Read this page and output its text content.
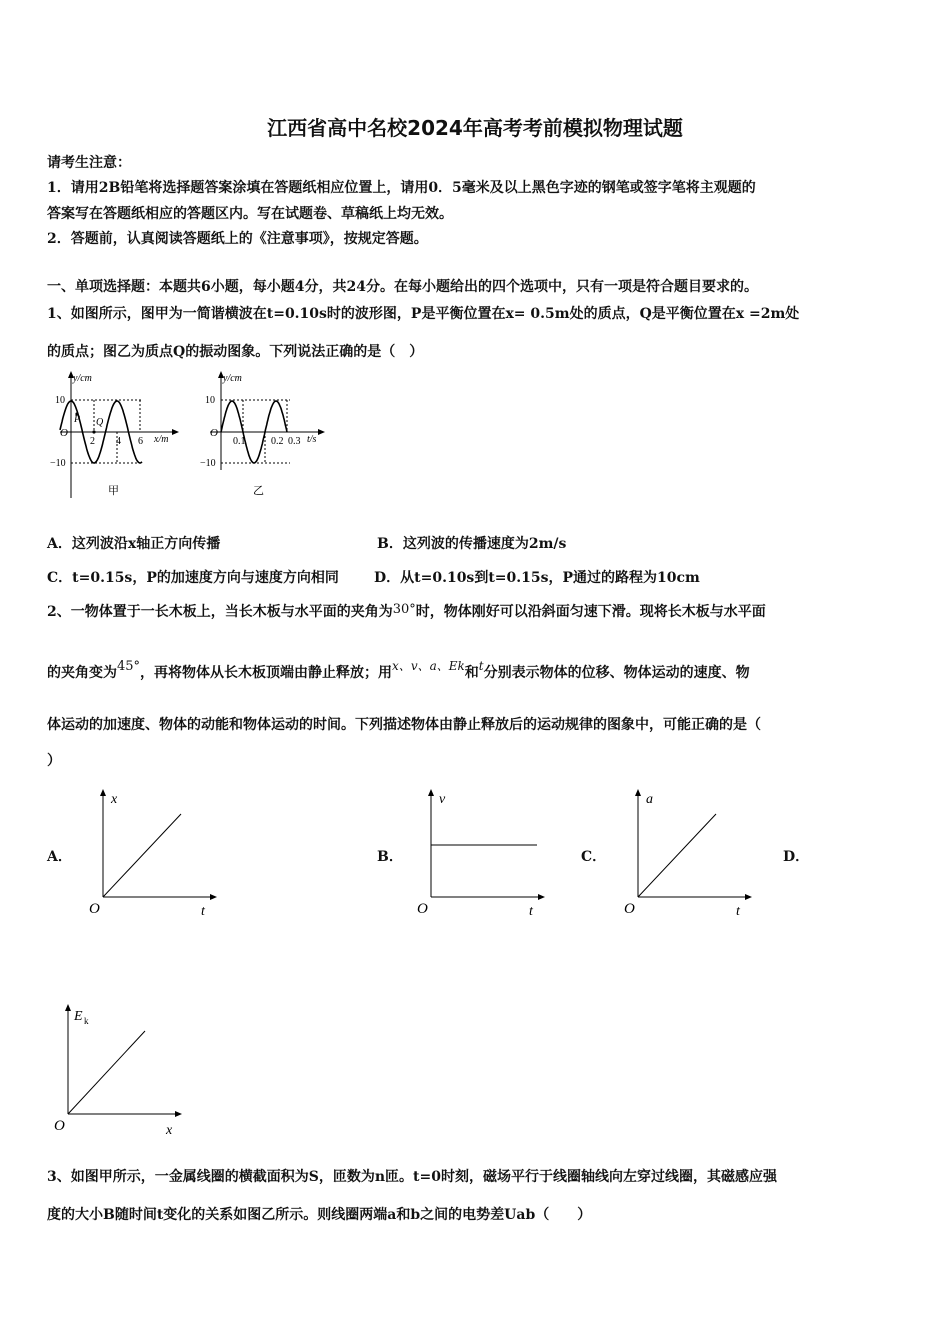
江西省高中名校2024年高考考前模拟物理试题
请考生注意：
1．请用2B铅笔将选择题答案涂填在答题纸相应位置上，请用0．5毫米及以上黑色字迹的钢笔或签字笔将主观题的
答案写在答题纸相应的答题区内。写在试题卷、草稿纸上均无效。
2．答题前，认真阅读答题纸上的《注意事项》，按规定答题。
一、单项选择题：本题共6小题，每小题4分，共24分。在每小题给出的四个选项中，只有一项是符合题目要求的。
1、如图所示，图甲为一简谐横波在t=0.10s时的波形图，P是平衡位置在x= 0.5m处的质点，Q是平衡位置在x =2m处
的质点；图乙为质点Q的振动图象。下列说法正确的是（　）
y/cm
10
−10
O
2 4 6 x/m
P Q
甲
y/cm
10
−10
O
0.1	0.2 0.3 t/s
乙
A．这列波沿x轴正方向传播	B．这列波的传播速度为2m/s
C．t=0.15s，P的加速度方向与速度方向相同	D．从t=0.10s到t=0.15s，P通过的路程为10cm
2、一物体置于一长木板上，当长木板与水平面的夹角为30°时，物体刚好可以沿斜面匀速下滑。现将长木板与水平面
的夹角变为45°，再将物体从长木板顶端由静止释放；用x、v、a、Ek和t分别表示物体的位移、物体运动的速度、物
体运动的加速度、物体的动能和物体运动的时间。下列描述物体由静止释放后的运动规律的图象中，可能正确的是（
）
A．	B．	C．	D．
x
t
O
v
t
O
a
t
O
E k
x
O
3、如图甲所示，一金属线圈的横截面积为S，匝数为n匝。t=0时刻，磁场平行于线圈轴线向左穿过线圈，其磁感应强
度的大小B随时间t变化的关系如图乙所示。则线圈两端a和b之间的电势差Uab（　　）
